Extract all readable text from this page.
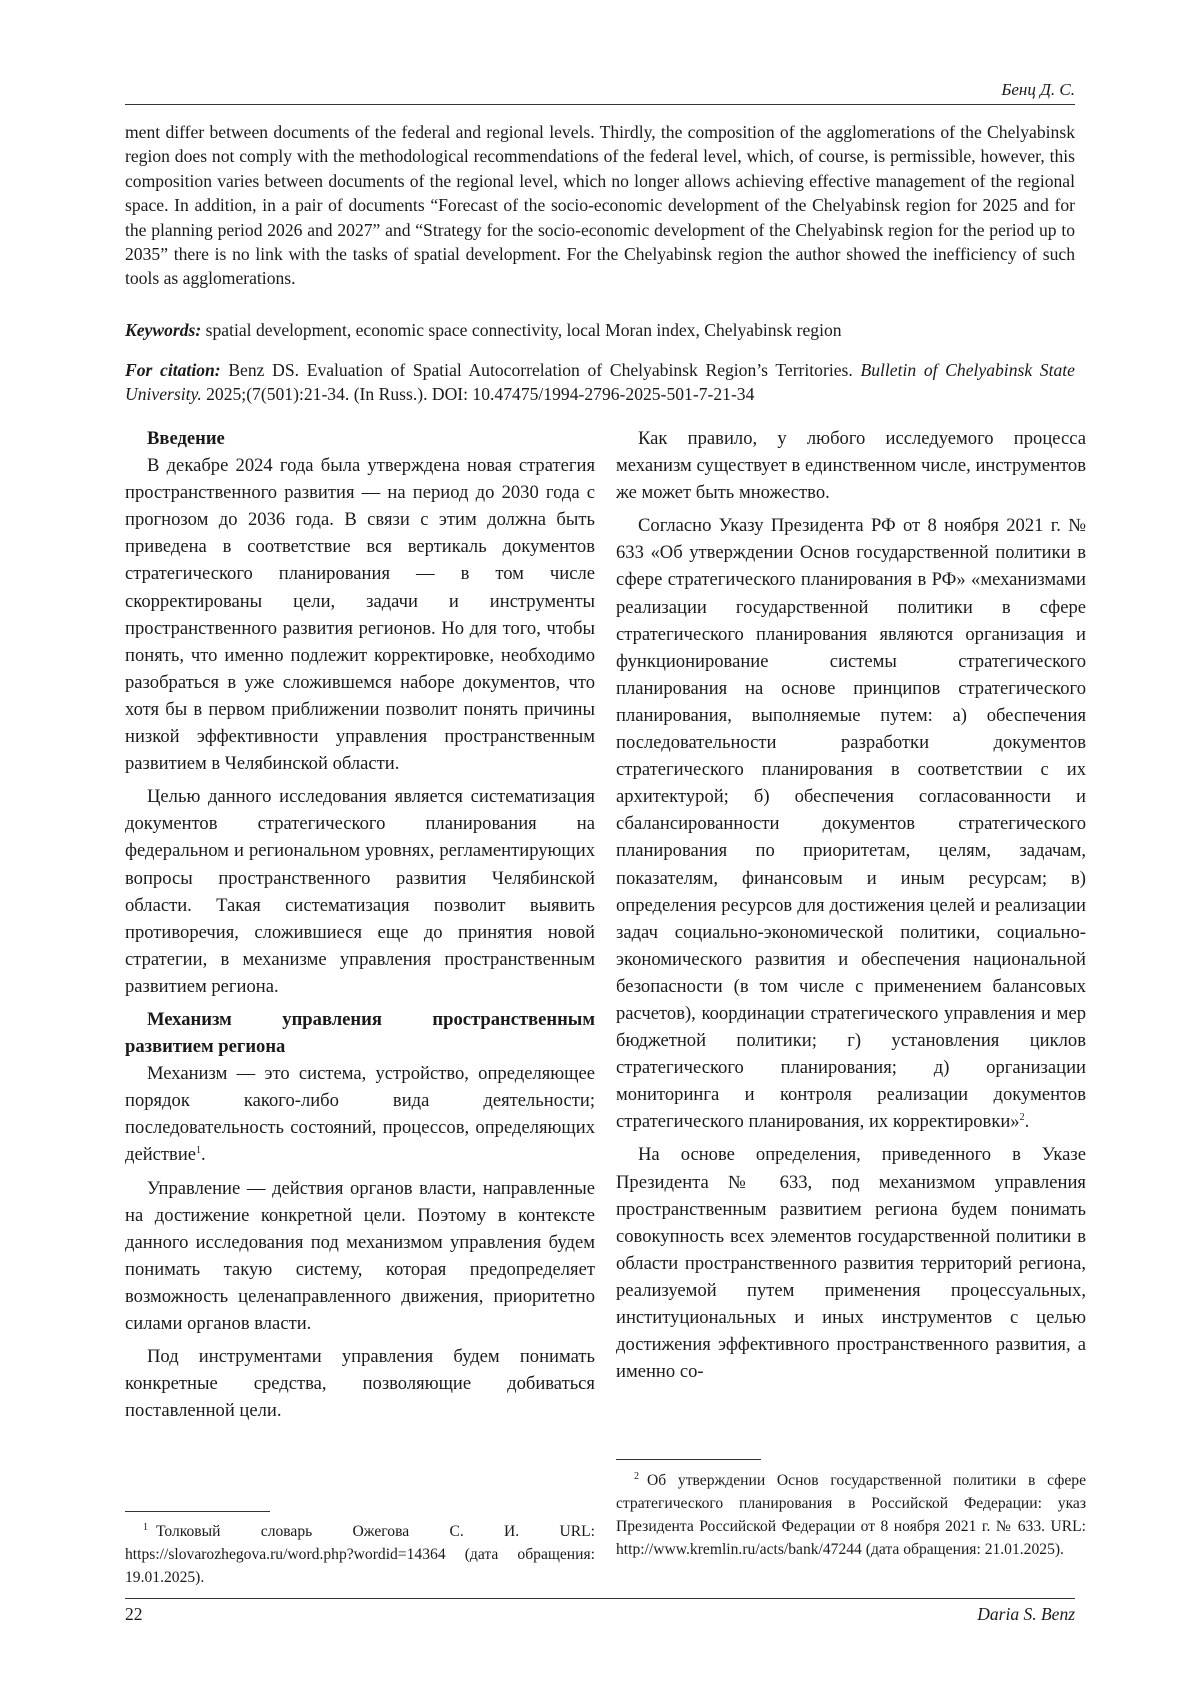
Бенц Д. С.

ment differ between documents of the federal and regional levels. Thirdly, the composition of the agglomerations of the Chelyabinsk region does not comply with the methodological recommendations of the federal level, which, of course, is permissible, however, this composition varies between documents of the regional level, which no longer allows achieving effective management of the regional space. In addition, in a pair of documents “Forecast of the socio-economic development of the Chelyabinsk region for 2025 and for the planning period 2026 and 2027” and “Strategy for the socio-economic development of the Chelyabinsk region for the period up to 2035” there is no link with the tasks of spatial development. For the Chelyabinsk region the author showed the inefficiency of such tools as agglomerations.

Keywords: spatial development, economic space connectivity, local Moran index, Chelyabinsk region

For citation: Benz DS. Evaluation of Spatial Autocorrelation of Chelyabinsk Region’s Territories. Bulletin of Chelyabinsk State University. 2025;(7(501):21-34. (In Russ.). DOI: 10.47475/1994-2796-2025-501-7-21-34

Введение

В декабре 2024 года была утверждена новая стратегия пространственного развития — на период до 2030 года с прогнозом до 2036 года. В связи с этим должна быть приведена в соответствие вся вертикаль документов стратегического планирования — в том числе скорректированы цели, задачи и инструменты пространственного развития регионов. Но для того, чтобы понять, что именно подлежит корректировке, необходимо разобраться в уже сложившемся наборе документов, что хотя бы в первом приближении позволит понять причины низкой эффективности управления пространственным развитием в Челябинской области.

Целью данного исследования является систематизация документов стратегического планирования на федеральном и региональном уровнях, регламентирующих вопросы пространственного развития Челябинской области. Такая систематизация позволит выявить противоречия, сложившиеся еще до принятия новой стратегии, в механизме управления пространственным развитием региона.

Механизм управления пространственным развитием региона

Механизм — это система, устройство, определяющее порядок какого-либо вида деятельности; последовательность состояний, процессов, определяющих действие$^1$.

Управление — действия органов власти, направленные на достижение конкретной цели. Поэтому в контексте данного исследования под механизмом управления будем понимать такую систему, которая предопределяет возможность целенаправленного движения, приоритетно силами органов власти.

Под инструментами управления будем понимать конкретные средства, позволяющие добиваться поставленной цели.

Как правило, у любого исследуемого процесса механизм существует в единственном числе, инструментов же может быть множество.

Согласно Указу Президента РФ от 8 ноября 2021 г. № 633 «Об утверждении Основ государственной политики в сфере стратегического планирования в РФ» «механизмами реализации государственной политики в сфере стратегического планирования являются организация и функционирование системы стратегического планирования на основе принципов стратегического планирования, выполняемые путем: а) обеспечения последовательности разработки документов стратегического планирования в соответствии с их архитектурой; б) обеспечения согласованности и сбалансированности документов стратегического планирования по приоритетам, целям, задачам, показателям, финансовым и иным ресурсам; в) определения ресурсов для достижения целей и реализации задач социально-экономической политики, социально-экономического развития и обеспечения национальной безопасности (в том числе с применением балансовых расчетов), координации стратегического управления и мер бюджетной политики; г) установления циклов стратегического планирования; д) организации мониторинга и контроля реализации документов стратегического планирования, их корректировки»$^2$.

На основе определения, приведенного в Указе Президента № 633, под механизмом управления пространственным развитием региона будем понимать совокупность всех элементов государственной политики в области пространственного развития территорий региона, реализуемой путем применения процессуальных, институциональных и иных инструментов с целью достижения эффективного пространственного развития, а именно со-

$^1$ Толковый словарь Ожегова С. И. URL: https://slovarozhegova.ru/word.php?wordid=14364 (дата обращения: 19.01.2025).

$^2$ Об утверждении Основ государственной политики в сфере стратегического планирования в Российской Федерации: указ Президента Российской Федерации от 8 ноября 2021 г. № 633. URL: http://www.kremlin.ru/acts/bank/47244 (дата обращения: 21.01.2025).

22	Daria S. Benz
